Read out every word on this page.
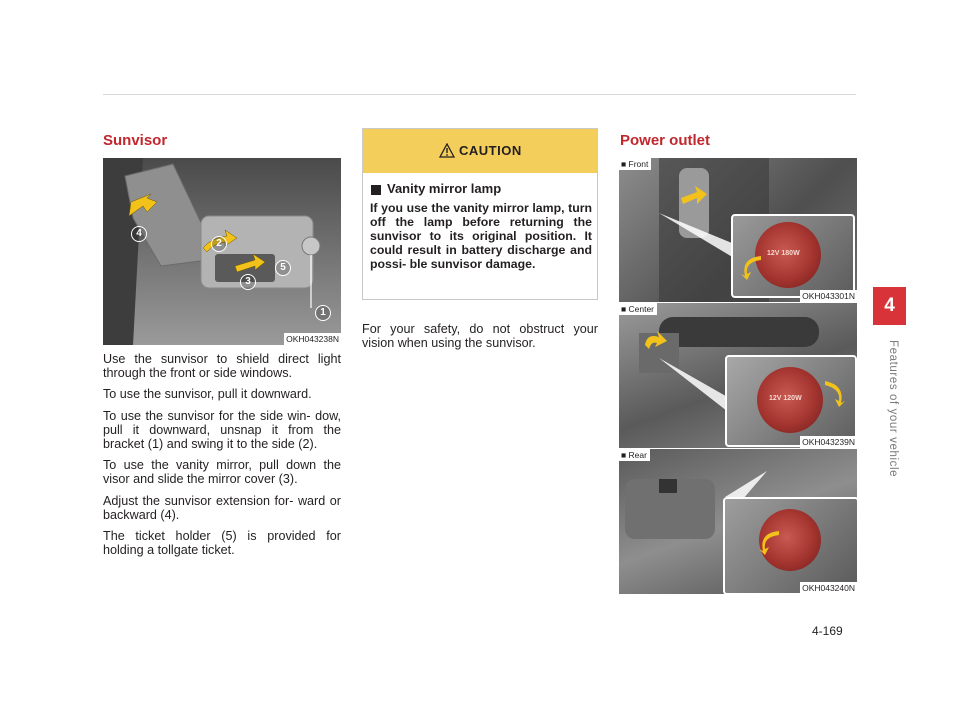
Sunvisor
1
2
3
4
5
OKH043238N

Use the sunvisor to shield direct light through the front or side windows.

To use the sunvisor, pull it downward.

To use the sunvisor for the side win- dow, pull it downward, unsnap it from the bracket (1) and swing it to the side (2).

To use the vanity mirror, pull down the visor and slide the mirror cover (3).

Adjust the sunvisor extension for- ward or backward (4).

The ticket holder (5) is provided for holding a tollgate ticket.

CAUTION
Vanity mirror lamp
If you use the vanity mirror lamp, turn off the lamp before returning the sunvisor to its original position. It could result in battery discharge and possi- ble sunvisor damage.
For your safety, do not obstruct your vision when using the sunvisor.
Power outlet
12V 180W
■ Front
OKH043301N
12V 120W
■ Center
OKH043239N
■ Rear
OKH043240N
4
Features of your vehicle
4-169
